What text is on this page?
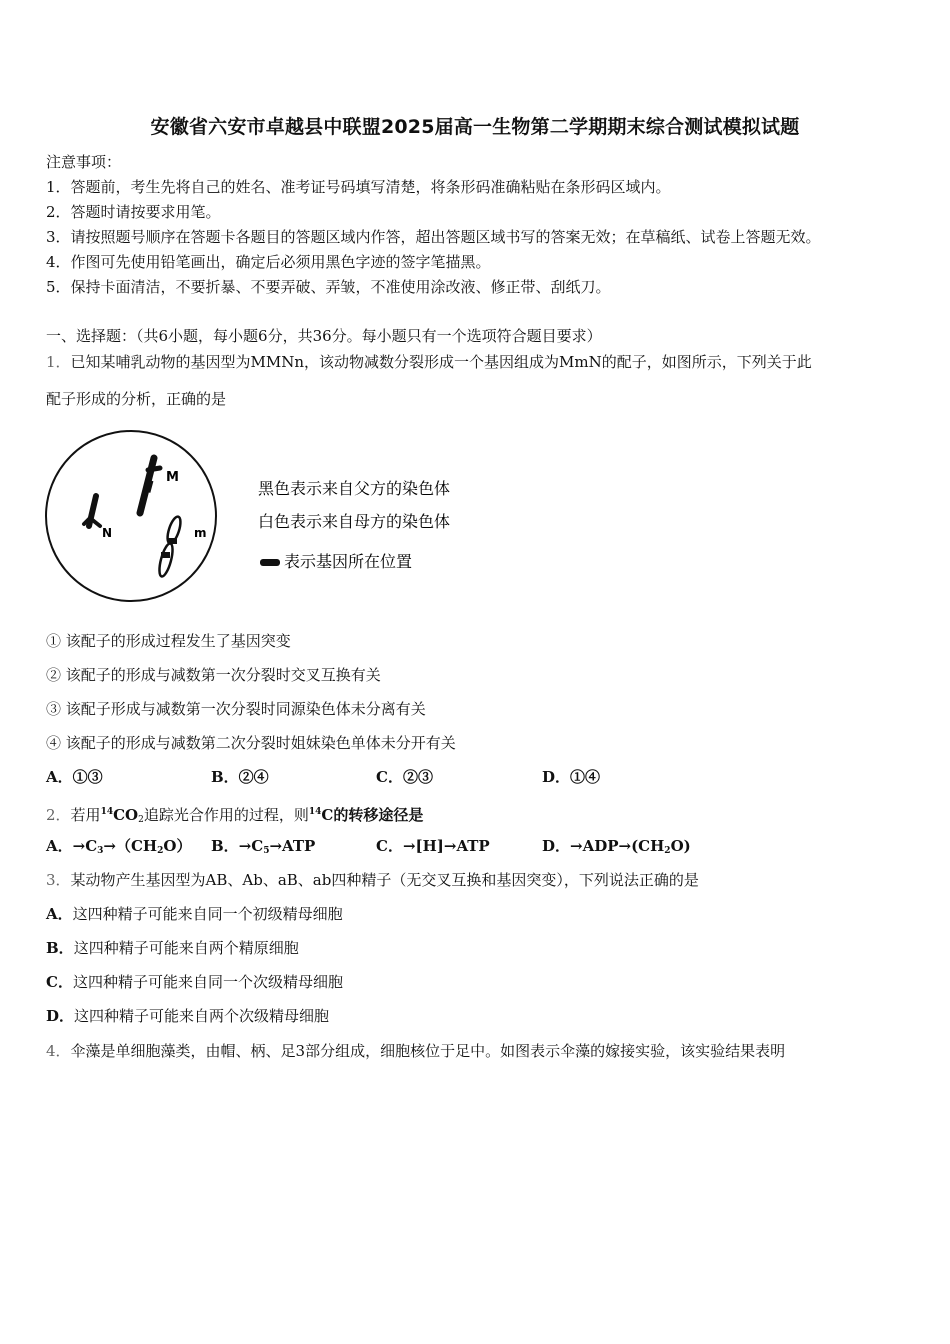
安徽省六安市卓越县中联盟2025届高一生物第二学期期末综合测试模拟试题
注意事项：
1．答题前，考生先将自己的姓名、准考证号码填写清楚，将条形码准确粘贴在条形码区域内。
2．答题时请按要求用笔。
3．请按照题号顺序在答题卡各题目的答题区域内作答，超出答题区域书写的答案无效；在草稿纸、试卷上答题无效。
4．作图可先使用铅笔画出，确定后必须用黑色字迹的签字笔描黑。
5．保持卡面清洁，不要折暴、不要弄破、弄皱，不准使用涂改液、修正带、刮纸刀。
一、选择题：（共6小题，每小题6分，共36分。每小题只有一个选项符合题目要求）
1．已知某哺乳动物的基因型为MMNn，该动物减数分裂形成一个基因组成为MmN的配子，如图所示，下列关于此
配子形成的分析，正确的是
M
N	m
黑色表示来自父方的染色体
白色表示来自母方的染色体
表示基因所在位置
① 该配子的形成过程发生了基因突变
② 该配子的形成与减数第一次分裂时交叉互换有关
③ 该配子形成与减数第一次分裂时同源染色体未分离有关
④ 该配子的形成与减数第二次分裂时姐妹染色单体未分开有关
A．①③	B．②④	C．②③	D．①④
2．若用$^{14}CO_2$追踪光合作用的过程，则$^{14}$C的转移途径是
A．$\to C_3\to(CH_2O)$ B．$\to C_5\to ATP$	C．→[H]→ATP	D．$\to ADP\to(CH_2O)$
3．某动物产生基因型为AB、Ab、aB、ab四种精子（无交叉互换和基因突变），下列说法正确的是
A．这四种精子可能来自同一个初级精母细胞
B．这四种精子可能来自两个精原细胞
C．这四种精子可能来自同一个次级精母细胞
D．这四种精子可能来自两个次级精母细胞
4．伞藻是单细胞藻类，由帽、柄、足3部分组成，细胞核位于足中。如图表示伞藻的嫁接实验，该实验结果表明
